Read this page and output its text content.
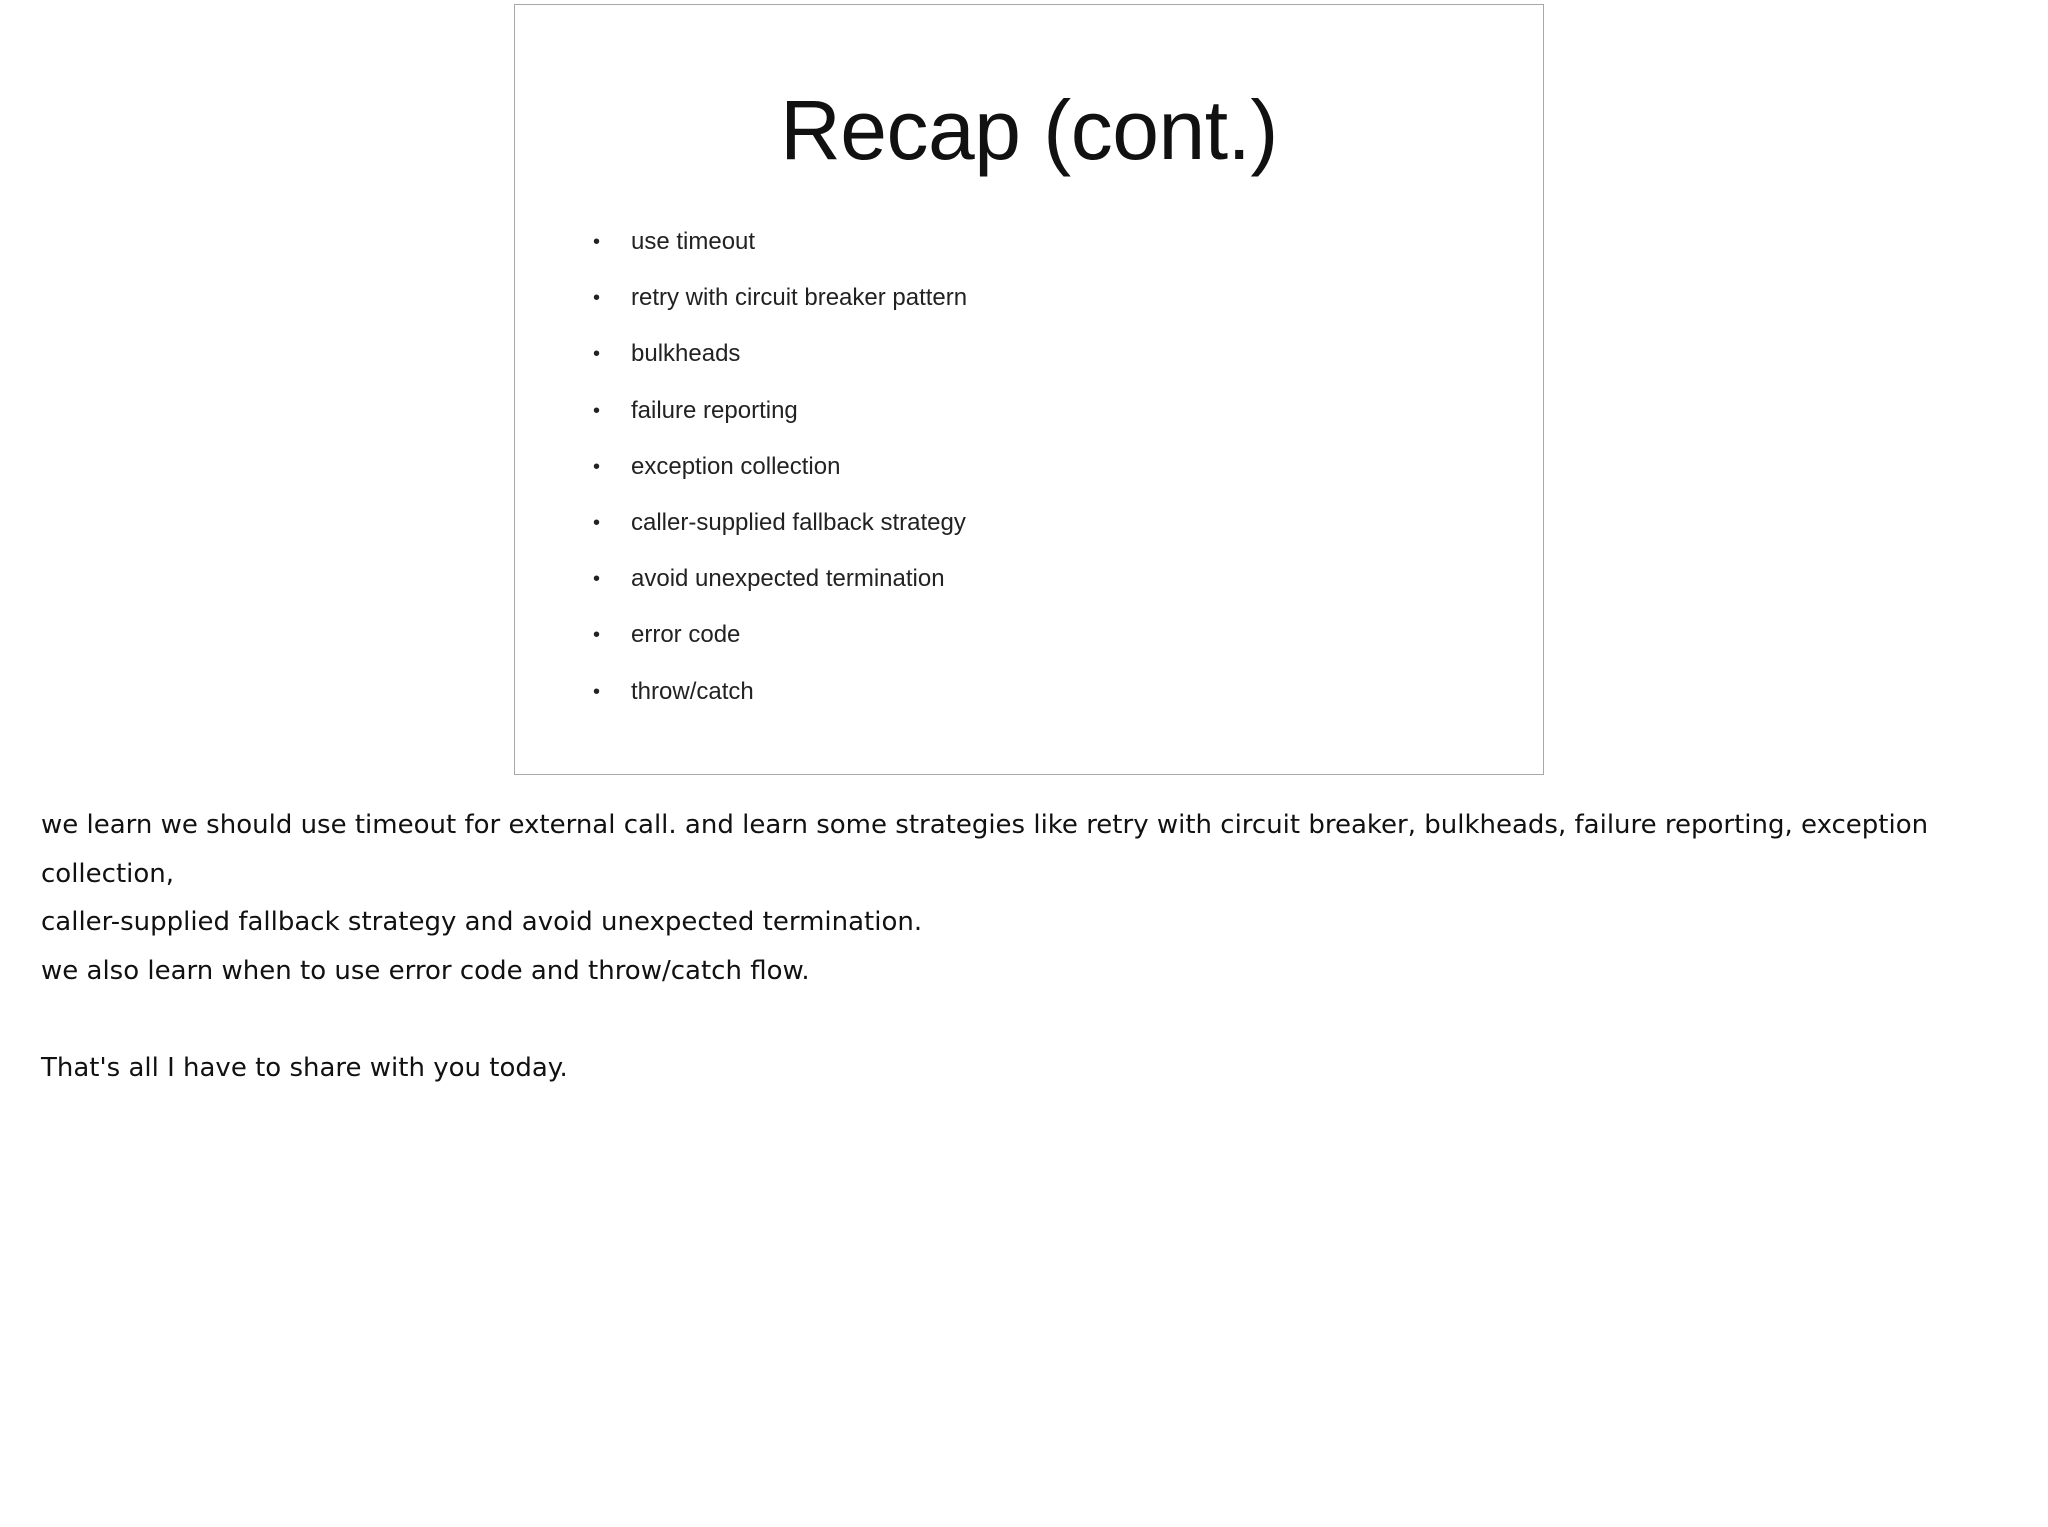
Recap (cont.)
• use timeout
• retry with circuit breaker pattern
• bulkheads
• failure reporting
• exception collection
• caller-supplied fallback strategy
• avoid unexpected termination
• error code
• throw/catch

we learn we should use timeout for external call. and learn some strategies like retry with circuit breaker, bulkheads, failure reporting, exception collection,

caller-supplied fallback strategy and avoid unexpected termination.

we also learn when to use error code and throw/catch flow.

That's all I have to share with you today.
